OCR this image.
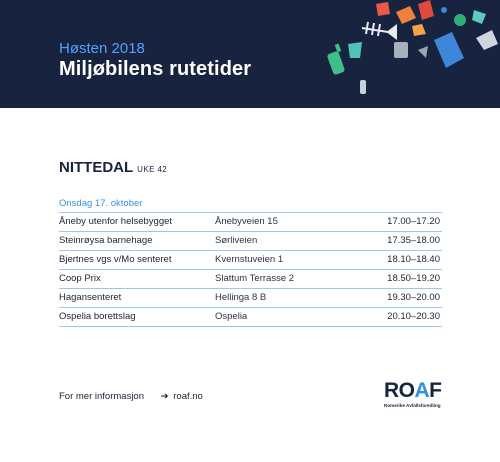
Høsten 2018
Miljøbilens rutetider
NITTEDAL UKE 42
Onsdag 17. oktober
Åneby utenfor helsebygget	Ånebyveien 15	17.00–17.20
Steinrøysa barnehage	Sørliveien	17.35–18.00
Bjertnes vgs v/Mo senteret	Kvernstuveien 1	18.10–18.40
Coop Prix	Slattum Terrasse 2	18.50–19.20
Hagansenteret	Hellinga 8 B	19.30–20.00
Ospelia borettslag	Ospelia	20.10–20.30
For mer informasjon ➔ roaf.no	ROAF
Romerike Avfallsforedling
